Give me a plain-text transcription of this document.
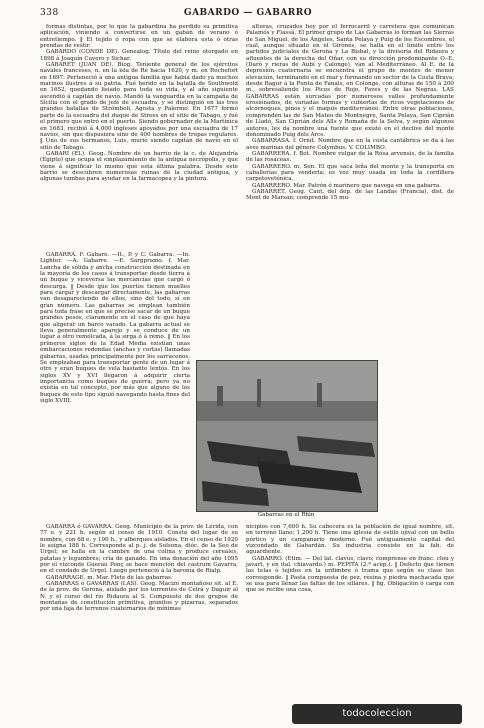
338	GABARDO — GABARRO

formas distintas, por lo que la gabardina ha perdido su primitiva aplicación, viniendo á convertirse en un gabán de verano ó entretiempo. ‖ El tejido ó ropa con que se elabora esta ó otras prendas de vestir.

GABARDO (CONDE DE). Genealog. Título del reino otorgado en 1898 á Joaquín Cavero y Sichar.

GABARET (JUAN DE). Biog. Teniente general de los ejércitos navales franceses, n. en la isla de Ré hacia 1620, y m. en Rochefort en 1697. Perteneció á una antigua familia que había dado ya muchos marinos ilustres á su patria. Fué herido en la batalla de Southwold en 1652, quedando lisiado para toda su vida, y al año siguiente ascendió á capitán de navío. Mandó la vanguardia en la campaña de Sicilia con el grado de jefe de escuadra, y se distinguió en las tres grandes batallas de Strómboli, Agosta y Palermo. En 1677 formó parte de la escuadra del duque de Strees en el sitio de Tabago, y fué el primero que entró en el puerto. Siendo gobernador de la Martinica en 1683, recibió á 4,000 ingleses apoyados por una escuadra de 17 navíos, sin que dispusiera sino de 400 hombres de tropas regulares. ‖ Uno de sus hermanos, Luis, murió siendo capitán de navío en el sitio de Tabago.

GABARI (EL). Geog. Nombre de un barrio de la c. de Alejandría (Egipto) que ocupa el emplazamiento de la antigua necrópolis, y que viene á significar lo mismo que esta última palabra. Desde este barrio se descubren numerosas ruinas de la ciudad antigua, y algunas tumbas para ayudar en la farmacopea y la pintura.

alturas, cruzados hoy por el ferrocarril y carretera que comunican Palamós y Flassá. El primer grupo de Las Gabarras lo forman las Sierras de San Miguel, de los Ángeles, Santa Pelaya y Puig de les Escombres, el cual, aunque situado en el Gironés, se halla en el límite entre los partidos judiciales de Gerona y La Bisbal, y la divisoria del Ridaura y afluentes de la derecha del Oñar, con su dirección predominante O.-E. (Daró y rieras de Aubí y Calonge), van al Mediterráneo. Al E. de la depresión cuaternaria se encuentra el grupo de montes de menor elevación, terminando en el mar y formando un sector de la Costa Brava, desde Bagur á la Punta de Fanals, en Colonge, con alturas de 150 á 200 m., sobresaliendo los Picos de Rojo, Faves y de las Negras. LAS GABARRAS están surcadas por numerosos valles profundamente erosionados, de variadas formas y cubiertas de ricos vegetaciones de alcornoques, pinos y el maquis mediterráneo. Entre otras poblaciones, comprenden las de San Mateo de Montnegre, Santa Pelaya, San Ciprián de Lladó, San Ciprián dels Alls y Romaña de la Selva, y según algunos autores, les da nombre una fuente que existe en el declive del monte denominado Puig dels Arcs.

GABARRASA. f. Ornit. Nombre que en la costa cantábrica se da á las aves marinas del género Colymbus. V. COLIMBO.

GABARRERA. f. Bot. Nombre vulgar de la Rosa arvensis, de la familia de las rosáceas.

GABARRERO. m. Sen. El que saca leña del monte y la transporta en caballerías para venderla; es voz muy usada en toda la cordillera carpetovetónica.

GABARRERO. Mar. Patrón ó marinero que navega en una gabarra.

GABARRET. Geog. Cant. del dep. de las Landas (Francia), dist. de Mont de Marsan; comprende 15 mu-

GABARRA. F. Gabare. —It., P. y C. Gabarra. —In. Lighter. —A. Gabarre. —E. Sargpramo. f. Mar. Lancha de sólida y ancha construcción destinada en la mayoría de los casos á transportar desde tierra á un buque y viceversa las mercancías que cargó ó descarga. ‖ Desde que los puertos tienen muelles para cargar y descargar directamente, las gabarras van desapareciendo de ellos, sino del todo, sí en gran número. Las gabarras se emplean también para toda frase en que se precise sacar de un buque grandes pesos, claramente en el caso de que haya que aligerar un barco varado. La gabarra actual se lleva generalmente aparejo y se conduce de un lugar á otro remolcada, á la sirga ó á remo. ‖ En los primeros siglos de la Edad Media existían unas embarcaciones redondas (anchas y cortas) llamadas gabarras, usadas principalmente por los sarracenos. Se empleaban para transportar gente de un lugar á otro y eran buques de vela bastante lentos. En los siglos XV y XVI llegaron á adquirir cierta importancia como buques de guerra; pero ya no existía en tal concepto, por más que alguno de los buques de este tipo siguió navegando hasta fines del siglo XVIII.

Gabarras en el Rhin

GABARRA ó GAVARRA. Geog. Municipio de la prov. de Lérida, con 77 e. y 221 h. según el censo de 1910. Consta del lugar de su nombre, con 68 e. y 190 h., y alberques aislados. En el censo de 1920 le asigna 188 h. Corresponde al p. j. de Solsona, dióc. de la Seo de Urgel; se halla en la cumbre de una colina y produce cereales, patatas y legumbres; cría de ganado. En una donación del año 1095 por el vizconde Guerau Ponç se hace mención del castrum Gavarra, en el condado de Urgel. Luego perteneció á la baronía de Rialp.

GABARRAGE. m. Mar. Flete de las gabarras.

GABARRAS ó GAVARRAS (LAS). Geog. Macizo montañoso sit. al E. de la prov. de Gerona, aislado por los torrentes de Celrá y Daguir al N. y el curso del río Ridaura al S. Compuesto de dos grupos de montañas de constitución primitiva, granitos y pizarras, separados por una faja de terrenos cuaternarios de mínimas

nicipios con 7,600 h. Su cabecera es la población de igual nombre, sit. en terreno llano; 1,200 h. Tiene una iglesia de estilo ojival con un bello pórtico y un campanario moderno. Fué antiguamente capital del vizcondado de Gabardán. Su industria consiste en la fab. de aguardiente.

GABARRO. (Etim. — Del lat. clavus, clavo; comprense en franc. clou y javart, y en ital. chiavardo.) m. PEPITA (2.ª acep.). ‖ Defecto que tienen las telas ó tejidos en la urdimbre ó trama que según su clase les corresponde. ‖ Pasta compuesta de pez, resina y piedra machacada que se usa para llenar las faltas de los sillares. ‖ fig. Obligación ó carga con que se recibe una cosa,

todocoleccion
